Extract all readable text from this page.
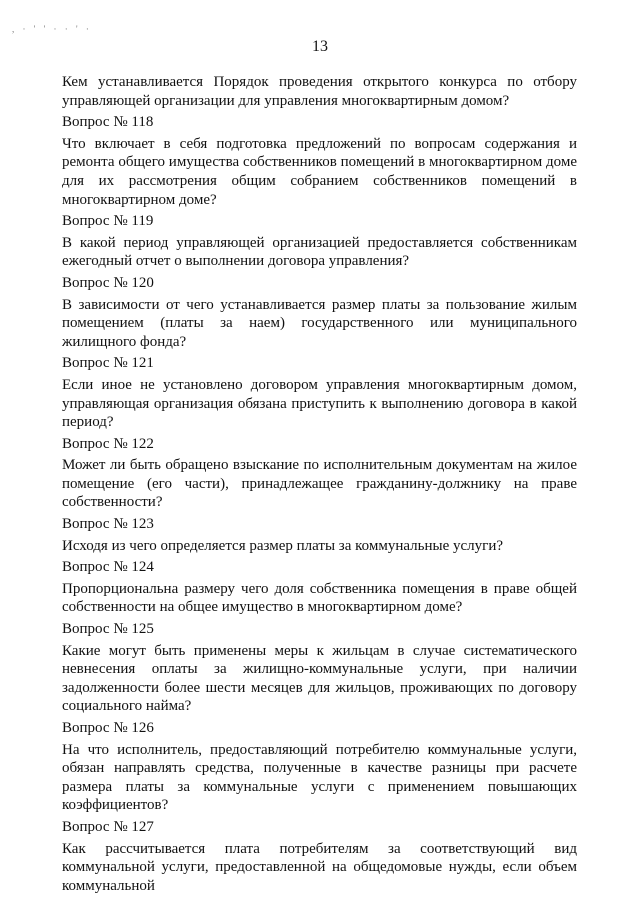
, · ' ' · · ' ·
13

Кем устанавливается Порядок проведения открытого конкурса по отбору управляющей организации для управления многоквартирным домом?

Вопрос № 118

Что включает в себя подготовка предложений по вопросам содержания и ремонта общего имущества собственников помещений в многоквартирном доме для их рассмотрения общим собранием собственников помещений в многоквартирном доме?

Вопрос № 119

В какой период управляющей организацией предоставляется собственникам ежегодный отчет о выполнении договора управления?

Вопрос № 120

В зависимости от чего устанавливается размер платы за пользование жилым помещением (платы за наем) государственного или муниципального жилищного фонда?

Вопрос № 121

Если иное не установлено договором управления многоквартирным домом, управляющая организация обязана приступить к выполнению договора в какой период?

Вопрос № 122

Может ли быть обращено взыскание по исполнительным документам на жилое помещение (его части), принадлежащее гражданину-должнику на праве собственности?

Вопрос № 123

Исходя из чего определяется размер платы за коммунальные услуги?

Вопрос № 124

Пропорциональна размеру чего доля собственника помещения в праве общей собственности на общее имущество в многоквартирном доме?

Вопрос № 125

Какие могут быть применены меры к жильцам в случае систематического невнесения оплаты за жилищно-коммунальные услуги, при наличии задолженности более шести месяцев для жильцов, проживающих по договору социального найма?

Вопрос № 126

На что исполнитель, предоставляющий потребителю коммунальные услуги, обязан направлять средства, полученные в качестве разницы при расчете размера платы за коммунальные услуги с применением повышающих коэффициентов?

Вопрос № 127

Как рассчитывается плата потребителям за соответствующий вид коммунальной услуги, предоставленной на общедомовые нужды, если объем коммунальной
